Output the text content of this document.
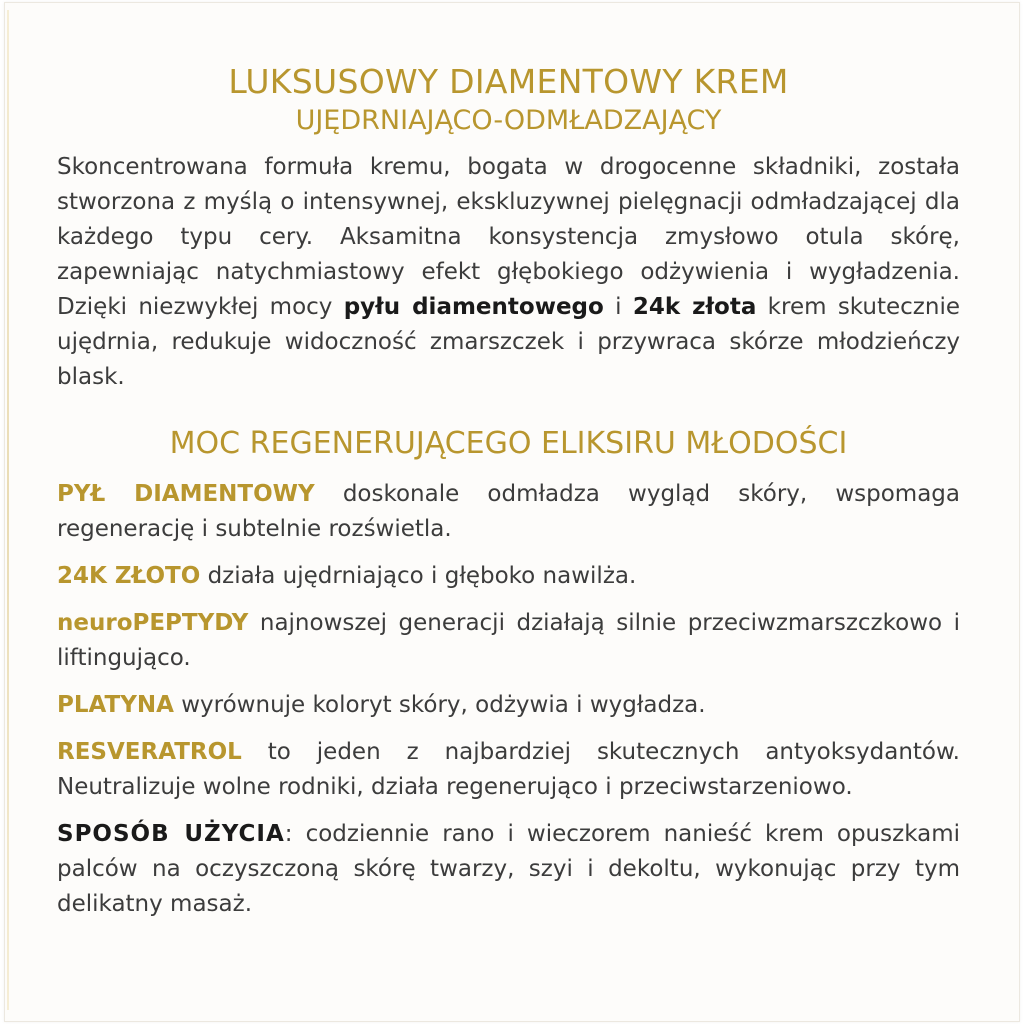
LUKSUSOWY DIAMENTOWY KREM
UJĘDRNIAJĄCO-ODMŁADZAJĄCY

Skoncentrowana formuła kremu, bogata w drogocenne składniki, została stworzona z myślą o intensywnej, ekskluzywnej pielęgnacji odmładzającej dla każdego typu cery. Aksamitna konsystencja zmysłowo otula skórę, zapewniając natychmiastowy efekt głębokiego odżywienia i wygładzenia. Dzięki niezwykłej mocy pyłu diamentowego i 24k złota krem skutecznie ujędrnia, redukuje widoczność zmarszczek i przywraca skórze młodzieńczy blask.

MOC REGENERUJĄCEGO ELIKSIRU MŁODOŚCI

PYŁ DIAMENTOWY doskonale odmładza wygląd skóry, wspomaga regenerację i subtelnie rozświetla.

24K ZŁOTO działa ujędrniająco i głęboko nawilża.

neuroPEPTYDY najnowszej generacji działają silnie przeciwzmarszczkowo i liftingująco.

PLATYNA wyrównuje koloryt skóry, odżywia i wygładza.

RESVERATROL to jeden z najbardziej skutecznych antyoksydantów. Neutralizuje wolne rodniki, działa regenerująco i przeciwstarzeniowo.

SPOSÓB UŻYCIA: codziennie rano i wieczorem nanieść krem opuszkami palców na oczyszczoną skórę twarzy, szyi i dekoltu, wykonując przy tym delikatny masaż.
